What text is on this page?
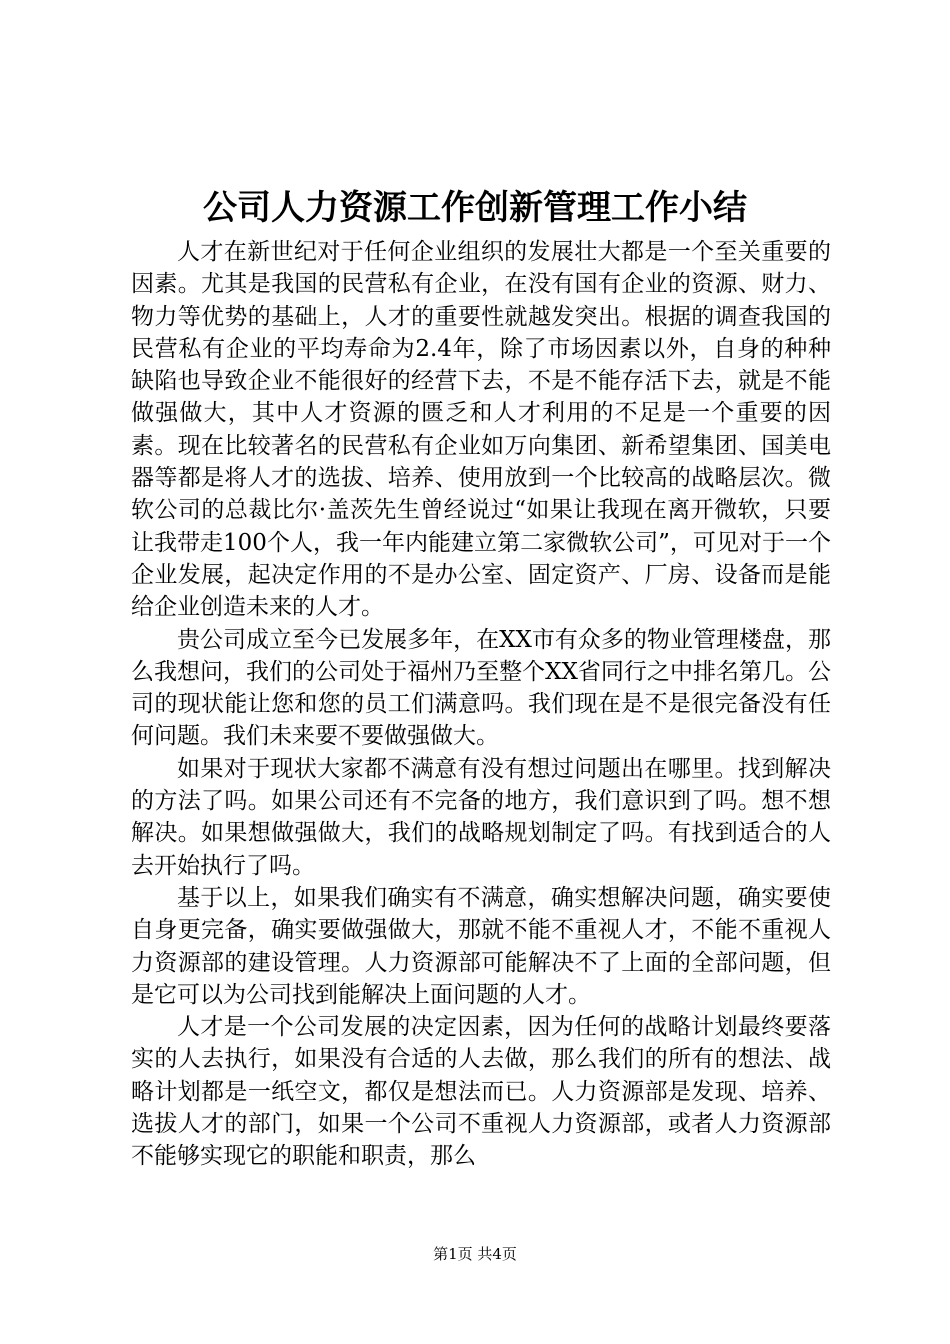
公司人力资源工作创新管理工作小结

人才在新世纪对于任何企业组织的发展壮大都是一个至关重要的因素。尤其是我国的民营私有企业，在没有国有企业的资源、财力、物力等优势的基础上，人才的重要性就越发突出。根据的调查我国的民营私有企业的平均寿命为2.4年，除了市场因素以外，自身的种种缺陷也导致企业不能很好的经营下去，不是不能存活下去，就是不能做强做大，其中人才资源的匮乏和人才利用的不足是一个重要的因素。现在比较著名的民营私有企业如万向集团、新希望集团、国美电器等都是将人才的选拔、培养、使用放到一个比较高的战略层次。微软公司的总裁比尔·盖茨先生曾经说过“如果让我现在离开微软，只要让我带走100个人，我一年内能建立第二家微软公司”，可见对于一个企业发展，起决定作用的不是办公室、固定资产、厂房、设备而是能给企业创造未来的人才。

贵公司成立至今已发展多年，在XX市有众多的物业管理楼盘，那么我想问，我们的公司处于福州乃至整个XX省同行之中排名第几。公司的现状能让您和您的员工们满意吗。我们现在是不是很完备没有任何问题。我们未来要不要做强做大。

如果对于现状大家都不满意有没有想过问题出在哪里。找到解决的方法了吗。如果公司还有不完备的地方，我们意识到了吗。想不想解决。如果想做强做大，我们的战略规划制定了吗。有找到适合的人去开始执行了吗。

基于以上，如果我们确实有不满意，确实想解决问题，确实要使自身更完备，确实要做强做大，那就不能不重视人才，不能不重视人力资源部的建设管理。人力资源部可能解决不了上面的全部问题，但是它可以为公司找到能解决上面问题的人才。

人才是一个公司发展的决定因素，因为任何的战略计划最终要落实的人去执行，如果没有合适的人去做，那么我们的所有的想法、战略计划都是一纸空文，都仅是想法而已。人力资源部是发现、培养、选拔人才的部门，如果一个公司不重视人力资源部，或者人力资源部不能够实现它的职能和职责，那么

第1页 共4页
